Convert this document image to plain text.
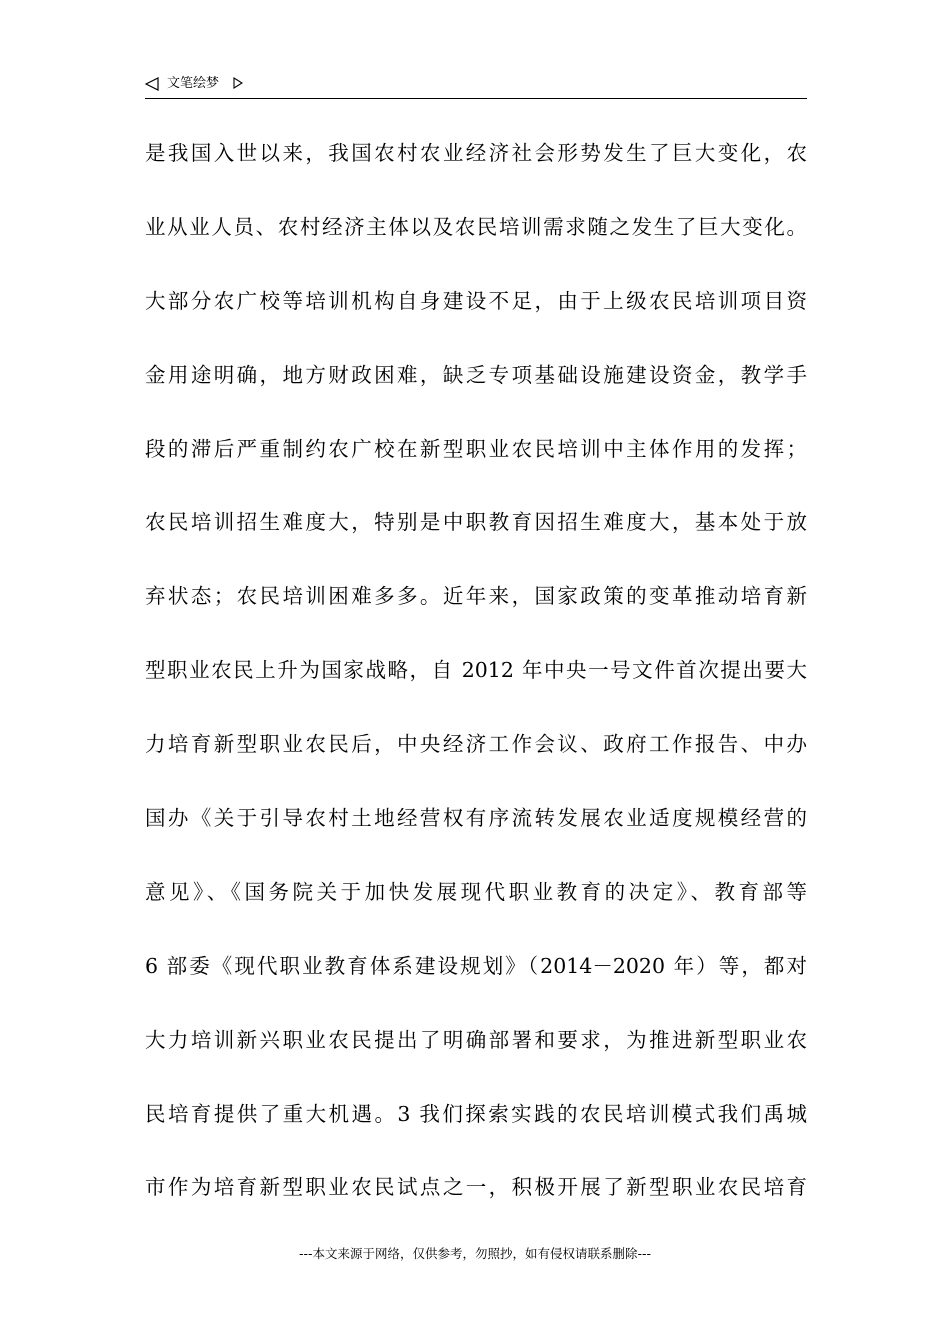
文笔绘梦
是我国入世以来，我国农村农业经济社会形势发生了巨大变化，农
业从业人员、农村经济主体以及农民培训需求随之发生了巨大变化。
大部分农广校等培训机构自身建设不足，由于上级农民培训项目资
金用途明确，地方财政困难，缺乏专项基础设施建设资金，教学手
段的滞后严重制约农广校在新型职业农民培训中主体作用的发挥；
农民培训招生难度大，特别是中职教育因招生难度大，基本处于放
弃状态；农民培训困难多多。近年来，国家政策的变革推动培育新
型职业农民上升为国家战略，自 2012 年中央一号文件首次提出要大
力培育新型职业农民后，中央经济工作会议、政府工作报告、中办
国办《关于引导农村土地经营权有序流转发展农业适度规模经营的
意见》、《国务院关于加快发展现代职业教育的决定》、教育部等
6 部委《现代职业教育体系建设规划》（2014－2020 年）等，都对
大力培训新兴职业农民提出了明确部署和要求，为推进新型职业农
民培育提供了重大机遇。3 我们探索实践的农民培训模式我们禹城
市作为培育新型职业农民试点之一，积极开展了新型职业农民培育
---本文来源于网络，仅供参考，勿照抄，如有侵权请联系删除---
